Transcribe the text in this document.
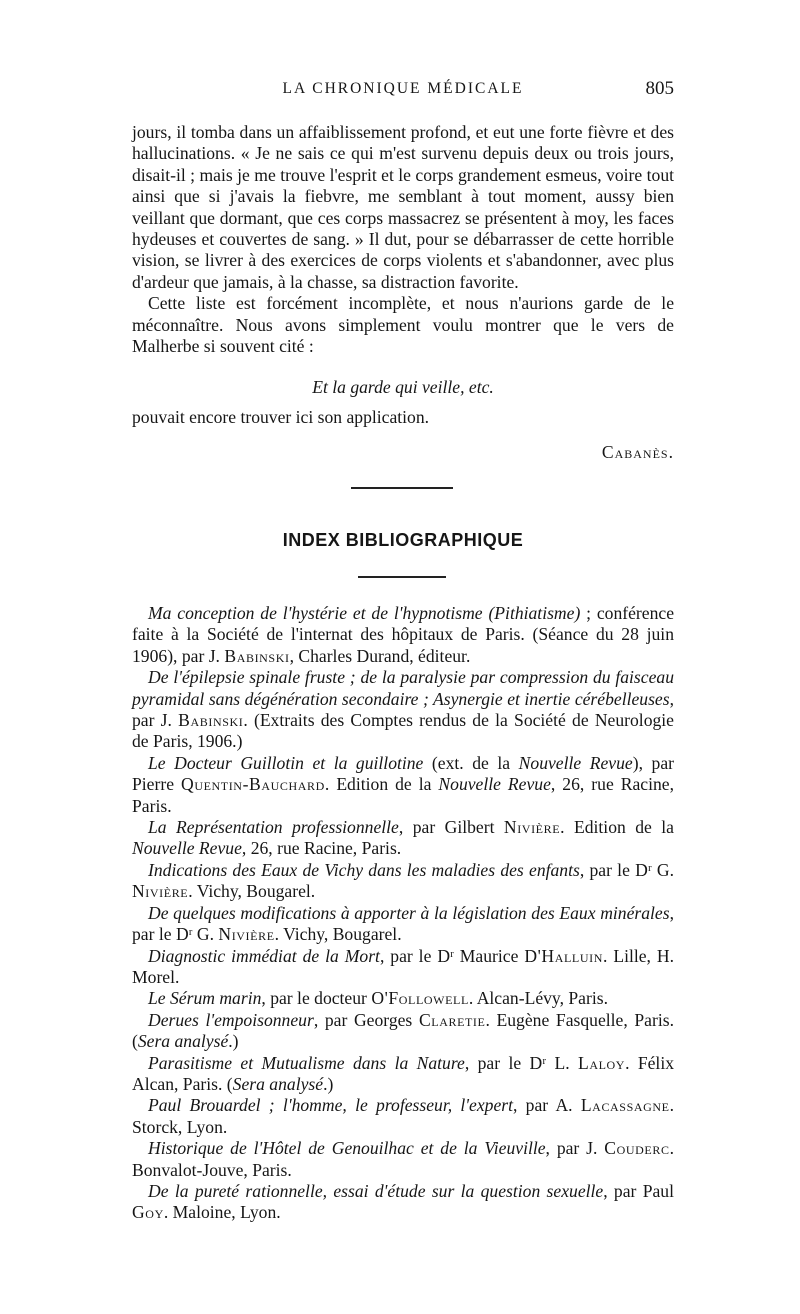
LA CHRONIQUE MÉDICALE	805

jours, il tomba dans un affaiblissement profond, et eut une forte fièvre et des hallucinations. « Je ne sais ce qui m'est survenu depuis deux ou trois jours, disait-il ; mais je me trouve l'esprit et le corps grandement esmeus, voire tout ainsi que si j'avais la fiebvre, me semblant à tout moment, aussy bien veillant que dormant, que ces corps massacrez se présentent à moy, les faces hydeuses et couvertes de sang. » Il dut, pour se débarrasser de cette horrible vision, se livrer à des exercices de corps violents et s'abandonner, avec plus d'ardeur que jamais, à la chasse, sa distraction favorite.

Cette liste est forcément incomplète, et nous n'aurions garde de le méconnaître. Nous avons simplement voulu montrer que le vers de Malherbe si souvent cité :

Et la garde qui veille, etc.

pouvait encore trouver ici son application.

Cabanès.

INDEX BIBLIOGRAPHIQUE

Ma conception de l'hystérie et de l'hypnotisme (Pithiatisme) ; conférence faite à la Société de l'internat des hôpitaux de Paris. (Séance du 28 juin 1906), par J. Babinski, Charles Durand, éditeur.

De l'épilepsie spinale fruste ; de la paralysie par compression du faisceau pyramidal sans dégénération secondaire ; Asynergie et inertie cérébelleuses, par J. Babinski. (Extraits des Comptes rendus de la Société de Neurologie de Paris, 1906.)

Le Docteur Guillotin et la guillotine (ext. de la Nouvelle Revue), par Pierre Quentin-Bauchard. Edition de la Nouvelle Revue, 26, rue Racine, Paris.

La Représentation professionnelle, par Gilbert Nivière. Edition de la Nouvelle Revue, 26, rue Racine, Paris.

Indications des Eaux de Vichy dans les maladies des enfants, par le Dʳ G. Nivière. Vichy, Bougarel.

De quelques modifications à apporter à la législation des Eaux minérales, par le Dʳ G. Nivière. Vichy, Bougarel.

Diagnostic immédiat de la Mort, par le Dʳ Maurice D'Halluin. Lille, H. Morel.

Le Sérum marin, par le docteur O'Followell. Alcan-Lévy, Paris.

Derues l'empoisonneur, par Georges Claretie. Eugène Fasquelle, Paris. (Sera analysé.)

Parasitisme et Mutualisme dans la Nature, par le Dʳ L. Laloy. Félix Alcan, Paris. (Sera analysé.)

Paul Brouardel ; l'homme, le professeur, l'expert, par A. Lacassagne. Storck, Lyon.

Historique de l'Hôtel de Genouilhac et de la Vieuville, par J. Couderc. Bonvalot-Jouve, Paris.

De la pureté rationnelle, essai d'étude sur la question sexuelle, par Paul Goy. Maloine, Lyon.
